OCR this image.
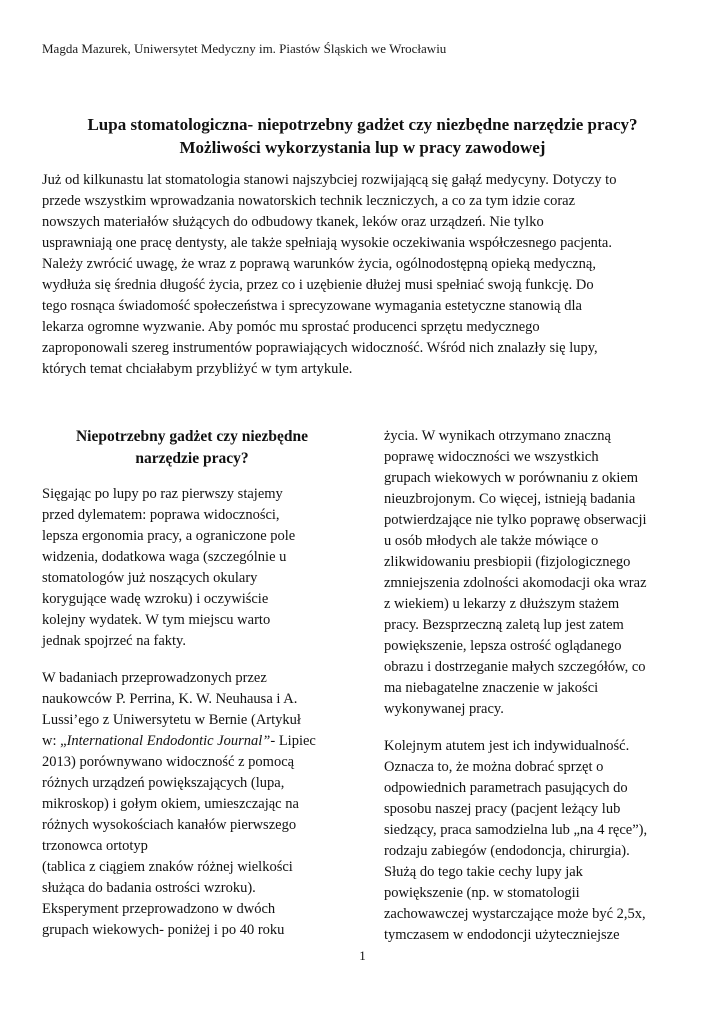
Magda Mazurek, Uniwersytet Medyczny im. Piastów Śląskich we Wrocławiu
Lupa stomatologiczna- niepotrzebny gadżet czy niezbędne narzędzie pracy?
Możliwości wykorzystania lup w pracy zawodowej

Już od kilkunastu lat stomatologia stanowi najszybciej rozwijającą się gałąź medycyny. Dotyczy to
przede wszystkim wprowadzania nowatorskich technik leczniczych, a co za tym idzie coraz
nowszych materiałów służących do odbudowy tkanek, leków oraz urządzeń. Nie tylko
usprawniają one pracę dentysty, ale także spełniają wysokie oczekiwania współczesnego pacjenta.
Należy zwrócić uwagę, że wraz z poprawą warunków życia, ogólnodostępną opieką medyczną,
wydłuża się średnia długość życia, przez co i uzębienie dłużej musi spełniać swoją funkcję. Do
tego rosnąca świadomość społeczeństwa i sprecyzowane wymagania estetyczne stanowią dla
lekarza ogromne wyzwanie. Aby pomóc mu sprostać producenci sprzętu medycznego
zaproponowali szereg instrumentów poprawiających widoczność. Wśród nich znalazły się lupy,
których temat chciałabym przybliżyć w tym artykule.

Niepotrzebny gadżet czy niezbędne
narzędzie pracy?

Sięgając po lupy po raz pierwszy stajemy
przed dylematem: poprawa widoczności,
lepsza ergonomia pracy, a ograniczone pole
widzenia, dodatkowa waga (szczególnie u
stomatologów już noszących okulary
korygujące wadę wzroku) i oczywiście
kolejny wydatek. W tym miejscu warto
jednak spojrzeć na fakty.

W badaniach przeprowadzonych przez
naukowców P. Perrina, K. W. Neuhausa i A.
Lussi’ego z Uniwersytetu w Bernie (Artykuł
w: „International Endodontic Journal”- Lipiec
2013) porównywano widoczność z pomocą
różnych urządzeń powiększających (lupa,
mikroskop) i gołym okiem, umieszczając na
różnych wysokościach kanałów pierwszego
trzonowca ortotyp
(tablica z ciągiem znaków różnej wielkości
służąca do badania ostrości wzroku).
Eksperyment przeprowadzono w dwóch
grupach wiekowych- poniżej i po 40 roku

życia. W wynikach otrzymano znaczną
poprawę widoczności we wszystkich
grupach wiekowych w porównaniu z okiem
nieuzbrojonym. Co więcej, istnieją badania
potwierdzające nie tylko poprawę obserwacji
u osób młodych ale także mówiące o
zlikwidowaniu presbiopii (fizjologicznego
zmniejszenia zdolności akomodacji oka wraz
z wiekiem) u lekarzy z dłuższym stażem
pracy. Bezsprzeczną zaletą lup jest zatem
powiększenie, lepsza ostrość oglądanego
obrazu i dostrzeganie małych szczegółów, co
ma niebagatelne znaczenie w jakości
wykonywanej pracy.

Kolejnym atutem jest ich indywidualność.
Oznacza to, że można dobrać sprzęt o
odpowiednich parametrach pasujących do
sposobu naszej pracy (pacjent leżący lub
siedzący, praca samodzielna lub „na 4 ręce”),
rodzaju zabiegów (endodoncja, chirurgia).
Służą do tego takie cechy lupy jak
powiększenie (np. w stomatologii
zachowawczej wystarczające może być 2,5x,
tymczasem w endodoncji użyteczniejsze

1
